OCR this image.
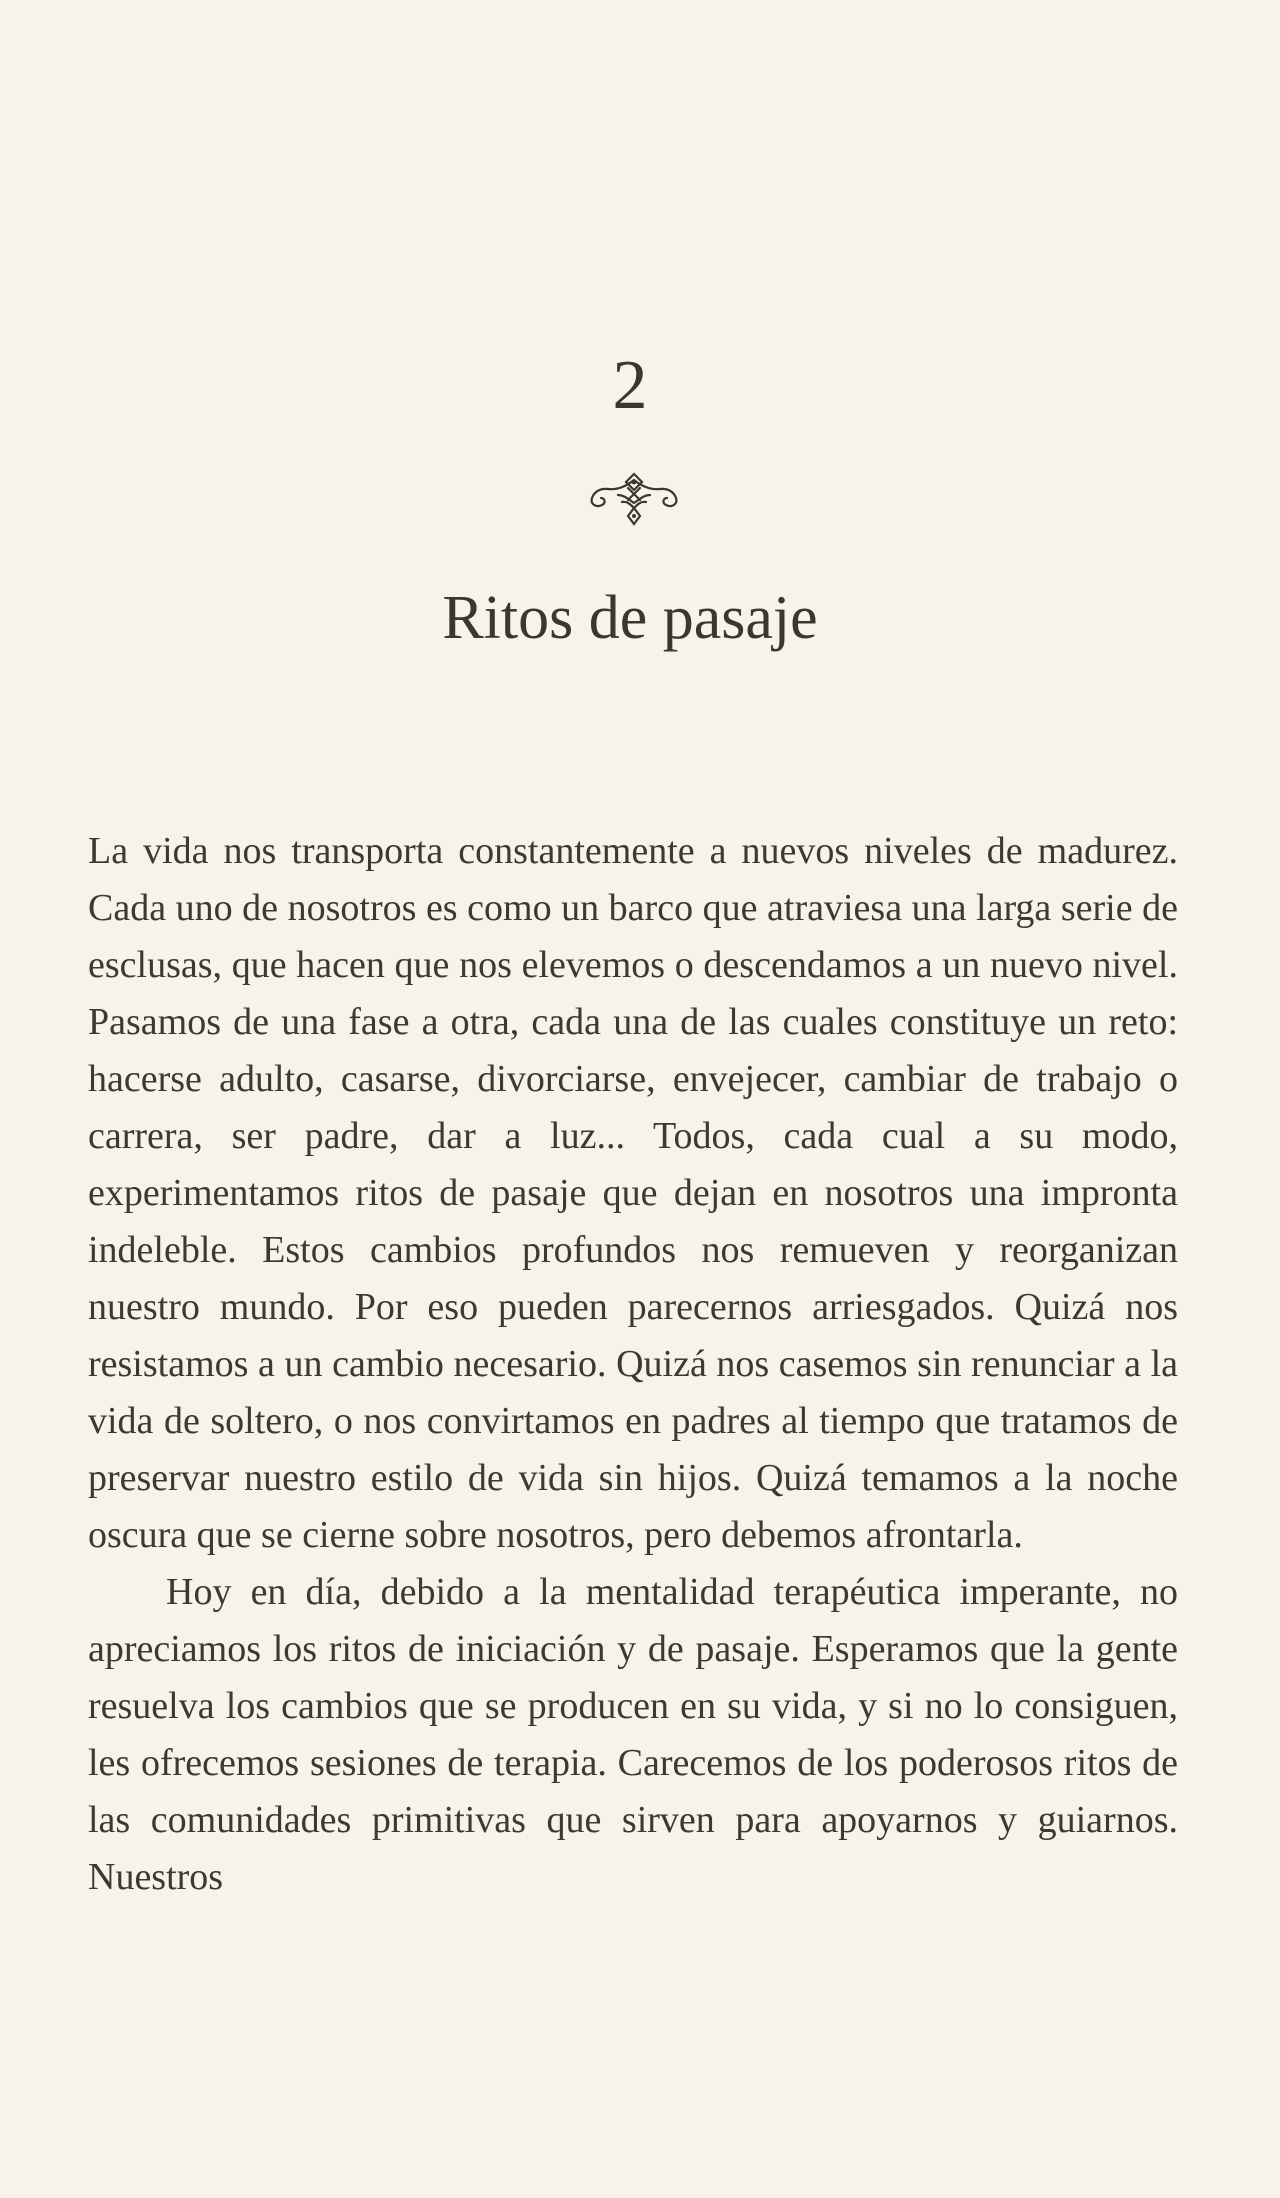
2
Ritos de pasaje

La vida nos transporta constantemente a nuevos niveles de madurez. Cada uno de nosotros es como un barco que atraviesa una larga serie de esclusas, que hacen que nos elevemos o descendamos a un nuevo nivel. Pasamos de una fase a otra, cada una de las cuales constituye un reto: hacerse adulto, casarse, divorciarse, envejecer, cambiar de trabajo o carrera, ser padre, dar a luz... Todos, cada cual a su modo, experimentamos ritos de pasaje que dejan en nosotros una impronta indeleble. Estos cambios profundos nos remueven y reorganizan nuestro mundo. Por eso pueden parecernos arriesgados. Quizá nos resistamos a un cambio necesario. Quizá nos casemos sin renunciar a la vida de soltero, o nos convirtamos en padres al tiempo que tratamos de preservar nuestro estilo de vida sin hijos. Quizá temamos a la noche oscura que se cierne sobre nosotros, pero debemos afrontarla.

Hoy en día, debido a la mentalidad terapéutica imperante, no apreciamos los ritos de iniciación y de pasaje. Esperamos que la gente resuelva los cambios que se producen en su vida, y si no lo consiguen, les ofrecemos sesiones de terapia. Carecemos de los poderosos ritos de las comunidades primitivas que sirven para apoyarnos y guiarnos. Nuestros
